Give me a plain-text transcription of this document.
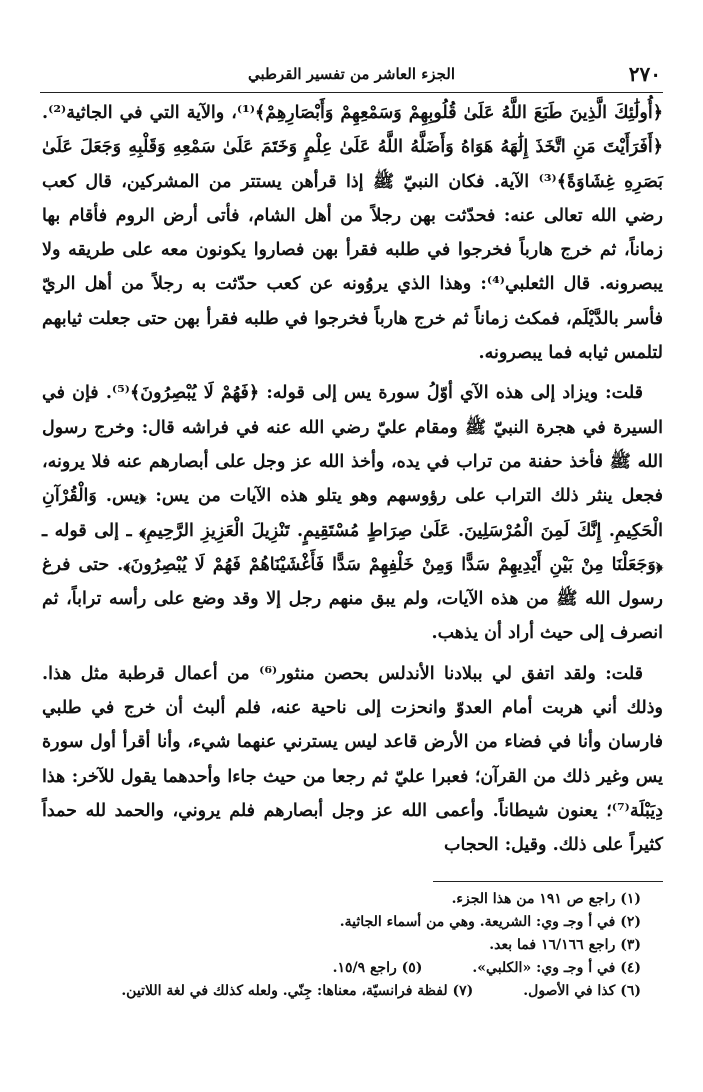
٢٧٠
الجزء العاشر من تفسير القرطبي

﴿أُولَٰئِكَ الَّذِينَ طَبَعَ اللَّهُ عَلَىٰ قُلُوبِهِمْ وَسَمْعِهِمْ وَأَبْصَارِهِمْ﴾⁽¹⁾، والآية التي في الجاثية⁽²⁾. ﴿أَفَرَأَيْتَ مَنِ اتَّخَذَ إِلَٰهَهُ هَوَاهُ وَأَضَلَّهُ اللَّهُ عَلَىٰ عِلْمٍ وَخَتَمَ عَلَىٰ سَمْعِهِ وَقَلْبِهِ وَجَعَلَ عَلَىٰ بَصَرِهِ غِشَاوَةً﴾⁽³⁾ الآية. فكان النبيّ ﷺ إذا قرأهن يستتر من المشركين، قال كعب رضي الله تعالى عنه: فحدّثت بهن رجلاً من أهل الشام، فأتى أرض الروم فأقام بها زماناً، ثم خرج هارباً فخرجوا في طلبه فقرأ بهن فصاروا يكونون معه على طريقه ولا يبصرونه. قال الثعلبي⁽⁴⁾: وهذا الذي يروُونه عن كعب حدّثت به رجلاً من أهل الريّ فأسر بالدَّيْلَم، فمكث زماناً ثم خرج هارباً فخرجوا في طلبه فقرأ بهن حتى جعلت ثيابهم لتلمس ثيابه فما يبصرونه.

قلت: ويزاد إلى هذه الآي أوّلُ سورة يس إلى قوله: ﴿فَهُمْ لَا يُبْصِرُونَ﴾⁽⁵⁾. فإن في السيرة في هجرة النبيّ ﷺ ومقام عليّ رضي الله عنه في فراشه قال: وخرج رسول الله ﷺ فأخذ حفنة من تراب في يده، وأخذ الله عز وجل على أبصارهم عنه فلا يرونه، فجعل ينثر ذلك التراب على رؤوسهم وهو يتلو هذه الآيات من يس: ﴿يس. وَالْقُرْآنِ الْحَكِيمِ. إِنَّكَ لَمِنَ الْمُرْسَلِينَ. عَلَىٰ صِرَاطٍ مُسْتَقِيمٍ. تَنْزِيلَ الْعَزِيزِ الرَّحِيمِ﴾ ـ إلى قوله ـ ﴿وَجَعَلْنَا مِنْ بَيْنِ أَيْدِيهِمْ سَدًّا وَمِنْ خَلْفِهِمْ سَدًّا فَأَغْشَيْنَاهُمْ فَهُمْ لَا يُبْصِرُونَ﴾. حتى فرغ رسول الله ﷺ من هذه الآيات، ولم يبق منهم رجل إلا وقد وضع على رأسه تراباً، ثم انصرف إلى حيث أراد أن يذهب.

قلت: ولقد اتفق لي ببلادنا الأندلس بحصن منثور⁽⁶⁾ من أعمال قرطبة مثل هذا. وذلك أني هربت أمام العدوّ وانحزت إلى ناحية عنه، فلم ألبث أن خرج في طلبي فارسان وأنا في فضاء من الأرض قاعد ليس يسترني عنهما شيء، وأنا أقرأ أول سورة يس وغير ذلك من القرآن؛ فعبرا عليّ ثم رجعا من حيث جاءا وأحدهما يقول للآخر: هذا دِيَبْلَة⁽⁷⁾؛ يعنون شيطاناً. وأعمى الله عز وجل أبصارهم فلم يروني، والحمد لله حمداً كثيراً على ذلك. وقيل: الحجاب

(١) راجع ص ١٩١ من هذا الجزء.
(٢) في أ وجـ وي: الشريعة. وهي من أسماء الجاثية.
(٣) راجع ١٦/١٦٦ فما بعد.
(٤) في أ وجـ وي: «الكلبي».
(٥) راجع ١٥/٩.
(٦) كذا في الأصول.
(٧) لفظة فرانسيّة، معناها: جِنّي. ولعله كذلك في لغة اللاتين.
